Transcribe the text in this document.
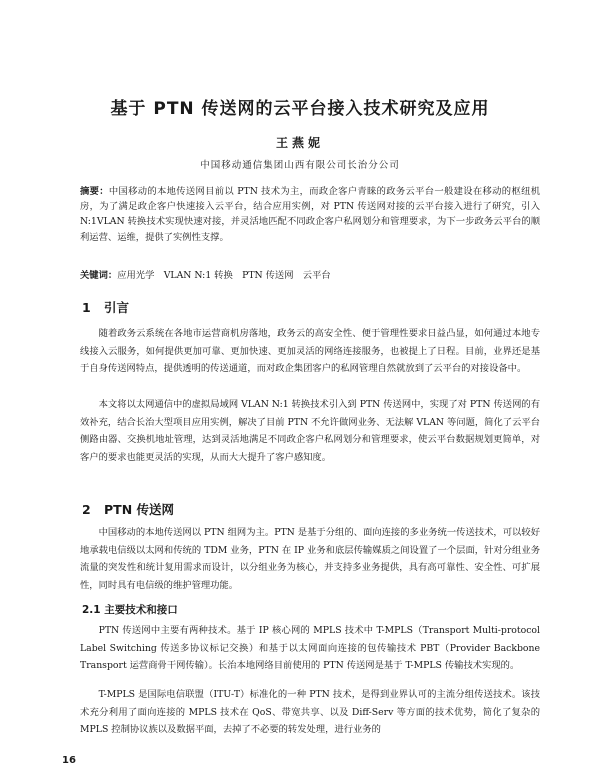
基于 PTN 传送网的云平台接入技术研究及应用
王燕妮
中国移动通信集团山西有限公司长治分公司

摘要：中国移动的本地传送网目前以 PTN 技术为主，而政企客户青睐的政务云平台一般建设在移动的枢纽机房，为了满足政企客户快速接入云平台，结合应用实例，对 PTN 传送网对接的云平台接入进行了研究，引入 N:1VLAN 转换技术实现快速对接，并灵活地匹配不同政企客户私网划分和管理要求，为下一步政务云平台的顺利运营、运维，提供了实例性支撑。

关键词：应用光学　VLAN N:1 转换　PTN 传送网　云平台

1 引言

随着政务云系统在各地市运营商机房落地，政务云的高安全性、便于管理性要求日益凸显，如何通过本地专线接入云服务，如何提供更加可靠、更加快速、更加灵活的网络连接服务，也被提上了日程。目前，业界还是基于自身传送网特点，提供透明的传送通道，而对政企集团客户的私网管理自然就放到了云平台的对接设备中。

本文将以太网通信中的虚拟局域网 VLAN N:1 转换技术引入到 PTN 传送网中，实现了对 PTN 传送网的有效补充，结合长治大型项目应用实例，解决了目前 PTN 不允许做网业务、无法解 VLAN 等问题，简化了云平台侧路由器、交换机地址管理，达到灵活地满足不同政企客户私网划分和管理要求，使云平台数据规划更简单，对客户的要求也能更灵活的实现，从而大大提升了客户感知度。

2 PTN 传送网

中国移动的本地传送网以 PTN 组网为主。PTN 是基于分组的、面向连接的多业务统一传送技术，可以较好地承载电信级以太网和传统的 TDM 业务，PTN 在 IP 业务和底层传输媒质之间设置了一个层面，针对分组业务流量的突发性和统计复用需求而设计，以分组业务为核心，并支持多业务提供，具有高可靠性、安全性、可扩展性，同时具有电信级的维护管理功能。

2.1 主要技术和接口

PTN 传送网中主要有两种技术。基于 IP 核心网的 MPLS 技术中 T-MPLS（Transport Multi-protocol Label Switching 传送多协议标记交换）和基于以太网面向连接的包传输技术 PBT（Provider Backbone Transport 运营商骨干网传输）。长治本地网络目前使用的 PTN 传送网是基于 T-MPLS 传输技术实现的。

T-MPLS 是国际电信联盟（ITU-T）标准化的一种 PTN 技术，是得到业界认可的主流分组传送技术。该技术充分利用了面向连接的 MPLS 技术在 QoS、带宽共享、以及 Diff-Serv 等方面的技术优势，简化了复杂的 MPLS 控制协议族以及数据平面，去掉了不必要的转发处理，进行业务的

16
